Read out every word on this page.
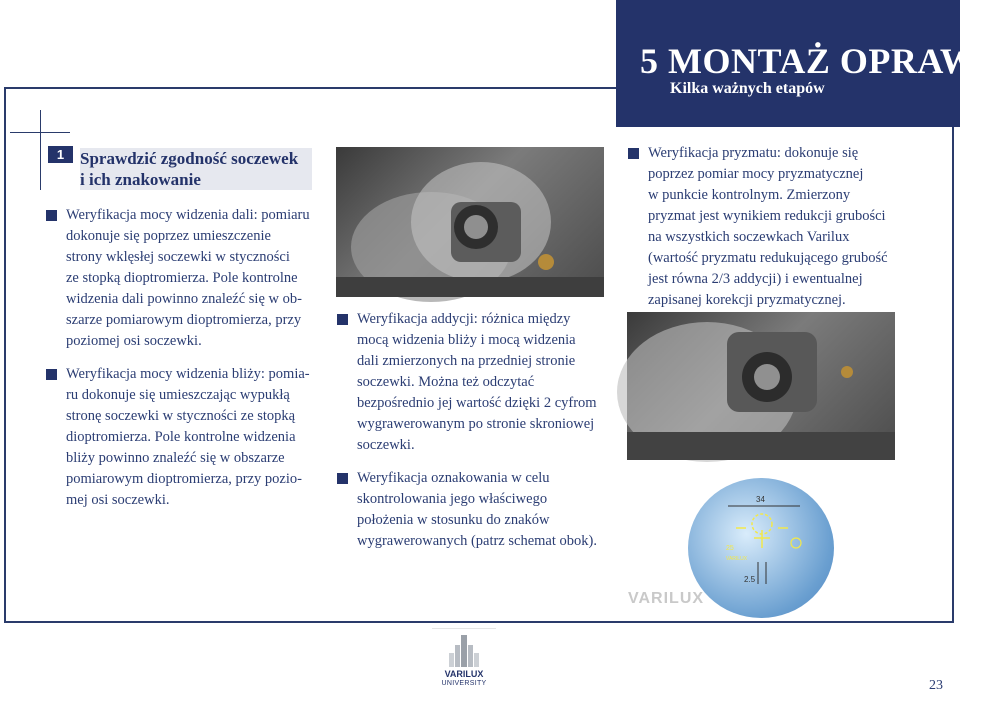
5 MONTAŻ OPRAWY
Kilka ważnych etapów
1 Sprawdzić zgodność soczewek
i ich znakowanie
Weryfikacja mocy widzenia dali: pomiaru
dokonuje się poprzez umieszczenie
strony wklęsłej soczewki w styczności
ze stopką dioptromierza. Pole kontrolne
widzenia dali powinno znaleźć się w ob-
szarze pomiarowym dioptromierza, przy
poziomej osi soczewki.
Weryfikacja mocy widzenia bliży: pomia-
ru dokonuje się umieszczając wypukłą
stronę soczewki w styczności ze stopką
dioptromierza. Pole kontrolne widzenia
bliży powinno znaleźć się w obszarze
pomiarowym dioptromierza, przy pozio-
mej osi soczewki.
Weryfikacja addycji: różnica między
mocą widzenia bliży i mocą widzenia
dali zmierzonych na przedniej stronie
soczewki. Można też odczytać
bezpośrednio jej wartość dzięki 2 cyfrom
wygrawerowanym po stronie skroniowej
soczewki.
Weryfikacja oznakowania w celu
skontrolowania jego właściwego
położenia w stosunku do znaków
wygrawerowanych (patrz schemat obok).
Weryfikacja pryzmatu: dokonuje się
poprzez pomiar mocy pryzmatycznej
w punkcie kontrolnym. Zmierzony
pryzmat jest wynikiem redukcji grubości
na wszystkich soczewkach Varilux
(wartość pryzmatu redukującego grubość
jest równa 2/3 addycji) i ewentualnej
zapisanej korekcji pryzmatycznej.
34
25
VARILUX
2.5
VARILUX
VARILUX
UNIVERSITY	23
